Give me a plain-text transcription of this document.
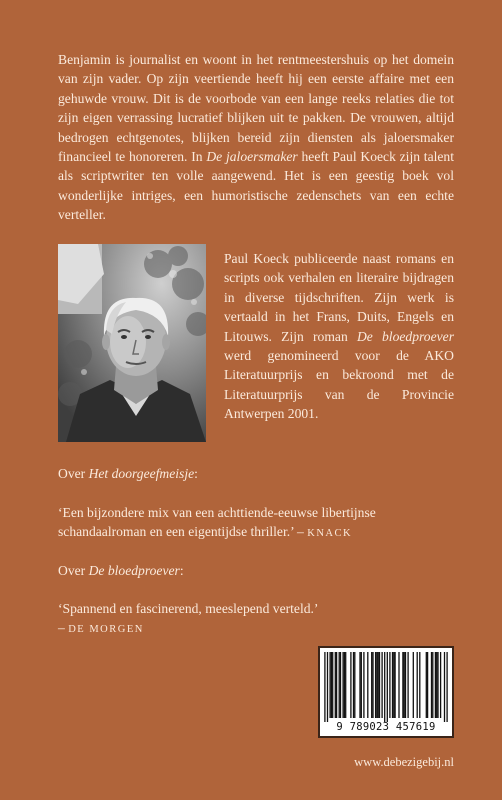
Benjamin is journalist en woont in het rentmeestershuis op het domein van zijn vader. Op zijn veertiende heeft hij een eerste affaire met een gehuwde vrouw. Dit is de voorbode van een lange reeks relaties die tot zijn eigen verrassing lucratief blijken uit te pakken. De vrouwen, altijd bedrogen echtgenotes, blijken bereid zijn diensten als jaloersmaker financieel te honoreren. In De jaloersmaker heeft Paul Koeck zijn talent als scriptwriter ten volle aangewend. Het is een geestig boek vol wonderlijke intriges, een humoristische zedenschets van een echte verteller.

Paul Koeck publiceerde naast romans en scripts ook verhalen en literaire bijdragen in diverse tijdschriften. Zijn werk is vertaald in het Frans, Duits, Engels en Litouws. Zijn roman De bloedproever werd genomineerd voor de AKO Literatuurprijs en bekroond met de Literatuurprijs van de Provincie Antwerpen 2001.

Over Het doorgeefmeisje:

‘Een bijzondere mix van een achttiende-eeuwse libertijnse schandaalroman en een eigentijdse thriller.’ – KNACK

Over De bloedproever:

‘Spannend en fascinerend, meeslepend verteld.’
– DE MORGEN

9 789023 457619
www.debezigebij.nl
